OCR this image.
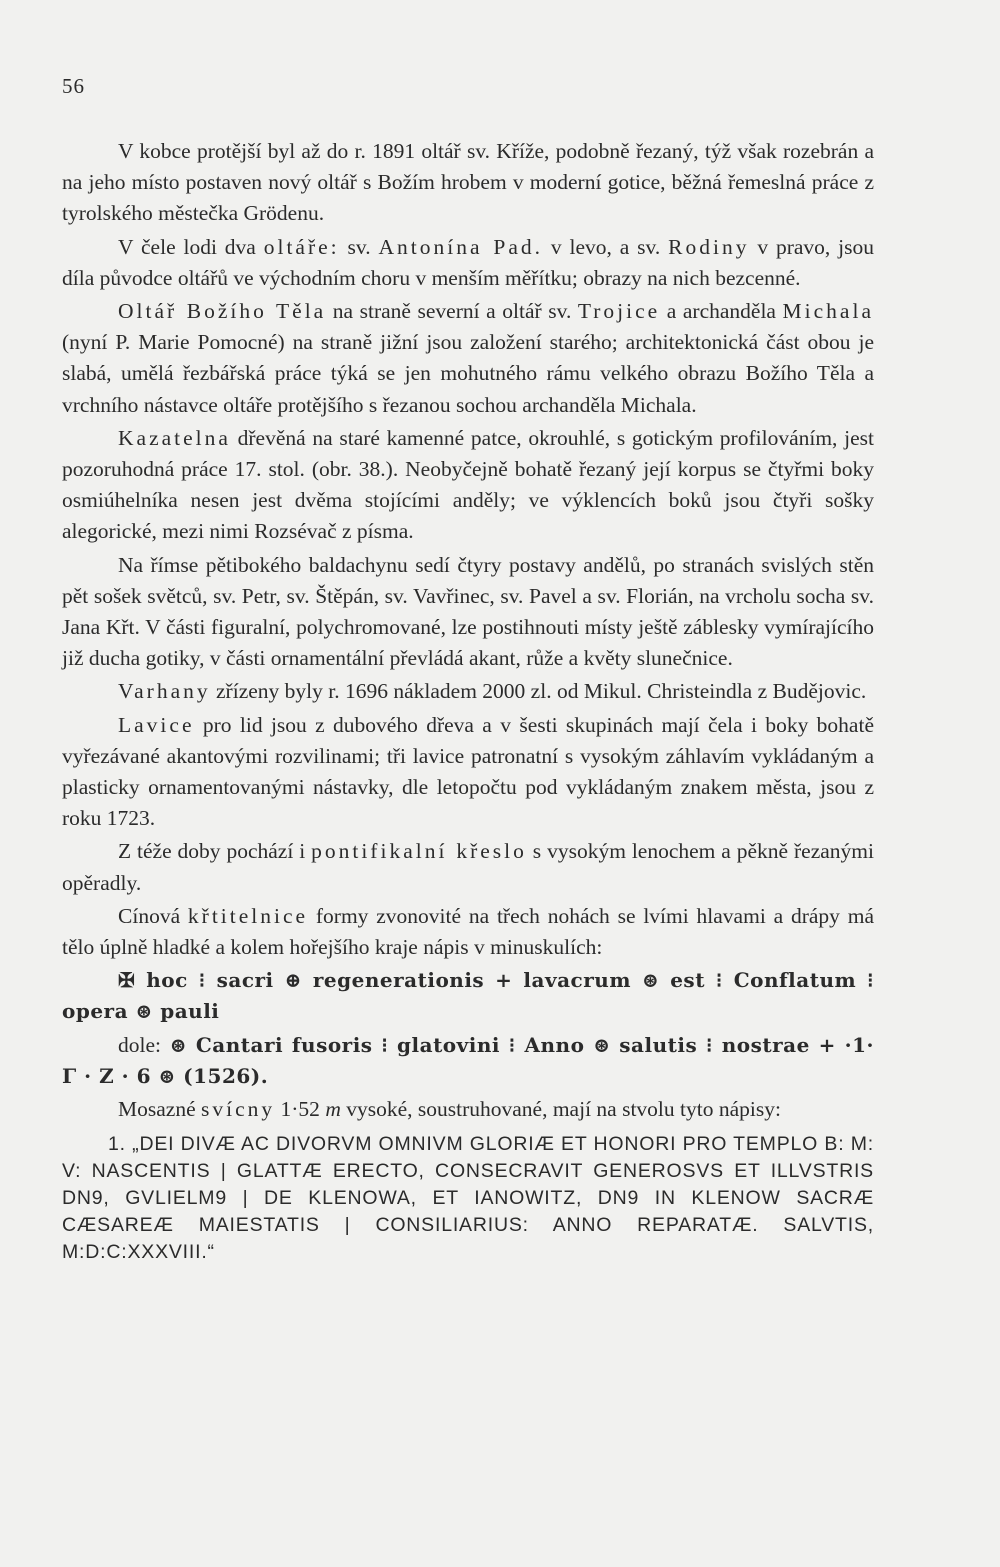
56

V kobce protější byl až do r. 1891 oltář sv. Kříže, podobně řezaný, týž však rozebrán a na jeho místo postaven nový oltář s Božím hrobem v moderní gotice, běžná řemeslná práce z tyrolského městečka Grödenu.

V čele lodi dva oltáře: sv. Antonína Pad. v levo, a sv. Rodiny v pravo, jsou díla původce oltářů ve východním choru v menším měřítku; obrazy na nich bezcenné.

Oltář Božího Těla na straně severní a oltář sv. Trojice a archanděla Michala (nyní P. Marie Pomocné) na straně jižní jsou založení starého; architektonická část obou je slabá, umělá řezbářská práce týká se jen mohutného rámu velkého obrazu Božího Těla a vrchního nástavce oltáře protějšího s řezanou sochou archanděla Michala.

Kazatelna dřevěná na staré kamenné patce, okrouhlé, s gotickým profilováním, jest pozoruhodná práce 17. stol. (obr. 38.). Neobyčejně bohatě řezaný její korpus se čtyřmi boky osmiúhelníka nesen jest dvěma stojícími anděly; ve výklencích boků jsou čtyři sošky alegorické, mezi nimi Rozsévač z písma.

Na římse pětibokého baldachynu sedí čtyry postavy andělů, po stranách svislých stěn pět sošek světců, sv. Petr, sv. Štěpán, sv. Vavřinec, sv. Pavel a sv. Florián, na vrcholu socha sv. Jana Křt. V části figuralní, polychromované, lze postihnouti místy ještě záblesky vymírajícího již ducha gotiky, v části ornamentální převládá akant, růže a květy slunečnice.

Varhany zřízeny byly r. 1696 nákladem 2000 zl. od Mikul. Christeindla z Budějovic.

Lavice pro lid jsou z dubového dřeva a v šesti skupinách mají čela i boky bohatě vyřezávané akantovými rozvilinami; tři lavice patronatní s vysokým záhlavím vykládaným a plasticky ornamentovanými nástavky, dle letopočtu pod vykládaným znakem města, jsou z roku 1723.

Z téže doby pochází i pontifikalní křeslo s vysokým lenochem a pěkně řezanými opěradly.

Cínová křtitelnice formy zvonovité na třech nohách se lvími hlavami a drápy má tělo úplně hladké a kolem hořejšího kraje nápis v minuskulích:

✠ hoc ⁝ sacri ⊕ regenerationis + lavacrum ⊛ est ⁝ Conflatum ⁝ opera ⊛ pauli

dole: ⊛ Cantari fusoris ⁝ glatovini ⁝ Anno ⊛ salutis ⁝ nostrae + ·1· Γ · Z · 6 ⊛ (1526).

Mosazné svícny 1·52 m vysoké, soustruhované, mají na stvolu tyto nápisy:

1. „DEI DIVÆ AC DIVORVM OMNIVM GLORIÆ ET HONORI PRO TEMPLO B: M: V: NASCENTIS | GLATTÆ ERECTO, CONSECRAVIT GENEROSVS ET ILLVSTRIS DN9, GVLIELM9 | DE KLENOWA, ET IANOWITZ, DN9 IN KLENOW SACRÆ CÆSAREÆ MAIESTATIS | CONSILIARIUS: ANNO REPARATÆ. SALVTIS, M:D:C:XXXVIII.“
